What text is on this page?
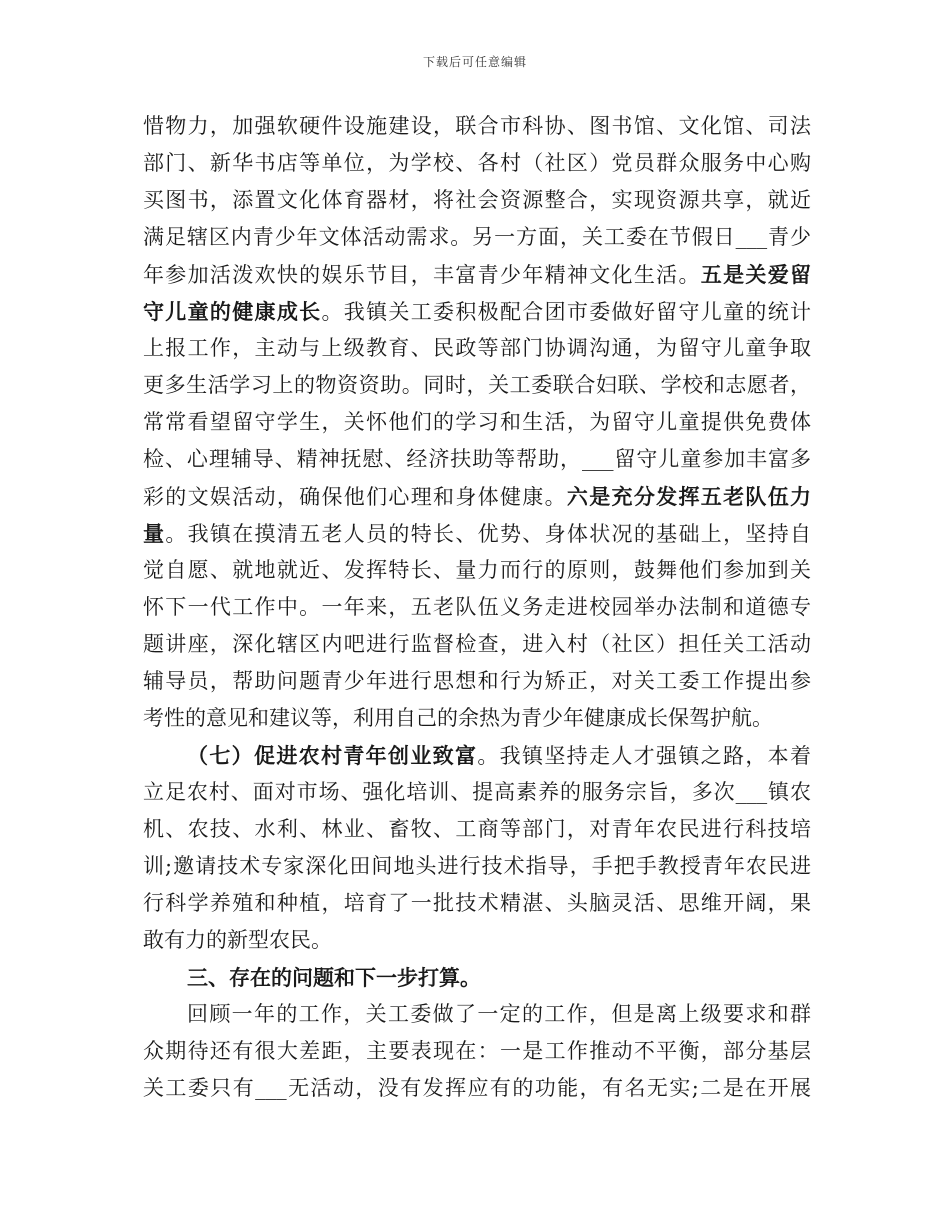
下载后可任意编辑
惜物力，加强软硬件设施建设，联合市科协、图书馆、文化馆、司法
部门、新华书店等单位，为学校、各村（社区）党员群众服务中心购
买图书，添置文化体育器材，将社会资源整合，实现资源共享，就近
满足辖区内青少年文体活动需求。另一方面，关工委在节假日___青少
年参加活泼欢快的娱乐节目，丰富青少年精神文化生活。五是关爱留
守儿童的健康成长。我镇关工委积极配合团市委做好留守儿童的统计
上报工作，主动与上级教育、民政等部门协调沟通，为留守儿童争取
更多生活学习上的物资资助。同时，关工委联合妇联、学校和志愿者，
常常看望留守学生，关怀他们的学习和生活，为留守儿童提供免费体
检、心理辅导、精神抚慰、经济扶助等帮助，___留守儿童参加丰富多
彩的文娱活动，确保他们心理和身体健康。六是充分发挥五老队伍力
量。我镇在摸清五老人员的特长、优势、身体状况的基础上，坚持自
觉自愿、就地就近、发挥特长、量力而行的原则，鼓舞他们参加到关
怀下一代工作中。一年来，五老队伍义务走进校园举办法制和道德专
题讲座，深化辖区内吧进行监督检查，进入村（社区）担任关工活动
辅导员，帮助问题青少年进行思想和行为矫正，对关工委工作提出参
考性的意见和建议等，利用自己的余热为青少年健康成长保驾护航。
（七）促进农村青年创业致富。我镇坚持走人才强镇之路，本着
立足农村、面对市场、强化培训、提高素养的服务宗旨，多次___镇农
机、农技、水利、林业、畜牧、工商等部门，对青年农民进行科技培
训;邀请技术专家深化田间地头进行技术指导，手把手教授青年农民进
行科学养殖和种植，培育了一批技术精湛、头脑灵活、思维开阔，果
敢有力的新型农民。
三、存在的问题和下一步打算。
回顾一年的工作，关工委做了一定的工作，但是离上级要求和群
众期待还有很大差距，主要表现在：一是工作推动不平衡，部分基层
关工委只有___无活动，没有发挥应有的功能，有名无实;二是在开展
